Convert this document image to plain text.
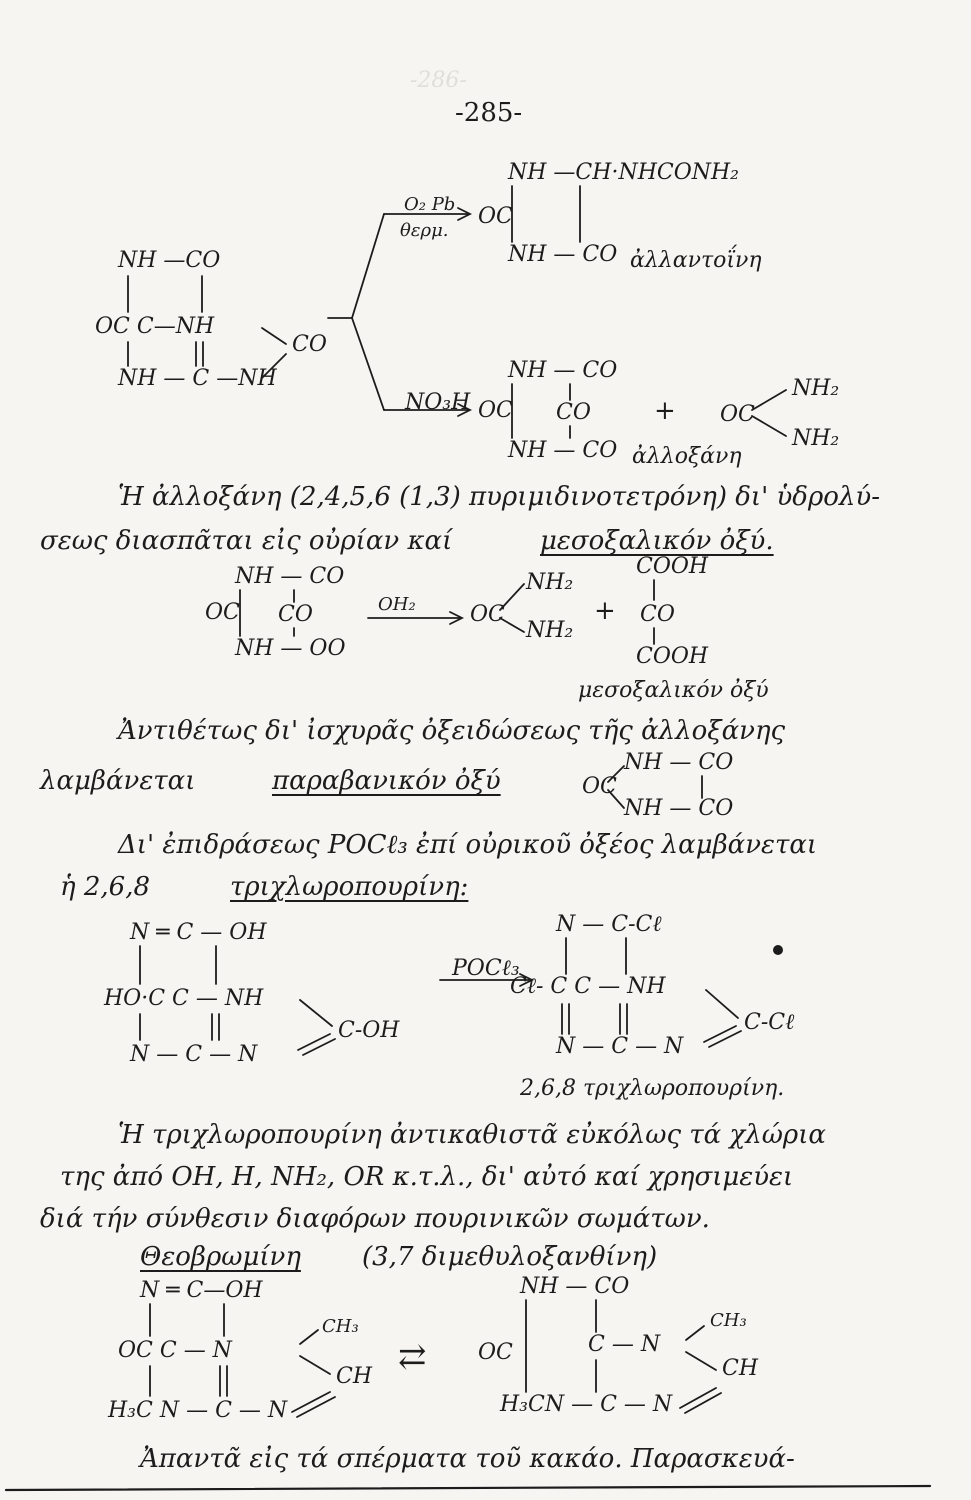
-286-
-285-
NH —CO
OC C—NH
NH — C —NH
CO
O₂ Pb
θερμ.
NO₃H
NH —CH·NHCONH₂
OC
NH — CO ἀλλαντοΐνη
NH — CO
OC CO
NH — CO ἀλλοξάνη
+ OC
NH₂
NH₂
Ἡ ἀλλοξάνη (2,4,5,6 (1,3) πυριμιδινοτετρόνη) δι' ὑδρολύ-
σεως διασπᾶται εἰς οὐρίαν καί	μεσοξαλικόν ὀξύ.
NH — CO
OC CO
NH — OO
OH₂ OC
NH₂
NH₂
+
COOH
CO
COOH
μεσοξαλικόν ὀξύ
Ἀντιθέτως δι' ἰσχυρᾶς ὀξειδώσεως τῆς ἀλλοξάνης
λαμβάνεται	παραβανικόν ὀξύ	OC
NH — CO
NH — CO
Δι' ἐπιδράσεως POCℓ₃ ἐπί οὐρικοῦ ὀξέος λαμβάνεται
ἡ 2,6,8	τριχλωροπουρίνη:
N ═ C — OH
HO·C C — NH
N — C — N
C-OH
POCℓ₃
N — C-Cℓ
Cℓ- C C — NH
N — C — N
C-Cℓ
2,6,8 τριχλωροπουρίνη.
Ἡ τριχλωροπουρίνη ἀντικαθιστᾶ εὐκόλως τά χλώρια
της ἀπό OH, H, NH₂, OR κ.τ.λ., δι' αὐτό καί χρησιμεύει
διά τήν σύνθεσιν διαφόρων πουρινικῶν σωμάτων.
Θεοβρωμίνη (3,7 διμεθυλοξανθίνη)
N ═ C—OH
OC C — N
CH₃
CH
H₃C N — C — N
⇄
NH — CO
OC	C — N
CH₃
CH
H₃CN — C — N
Ἀπαντᾶ εἰς τά σπέρματα τοῦ κακάο. Παρασκευά-
